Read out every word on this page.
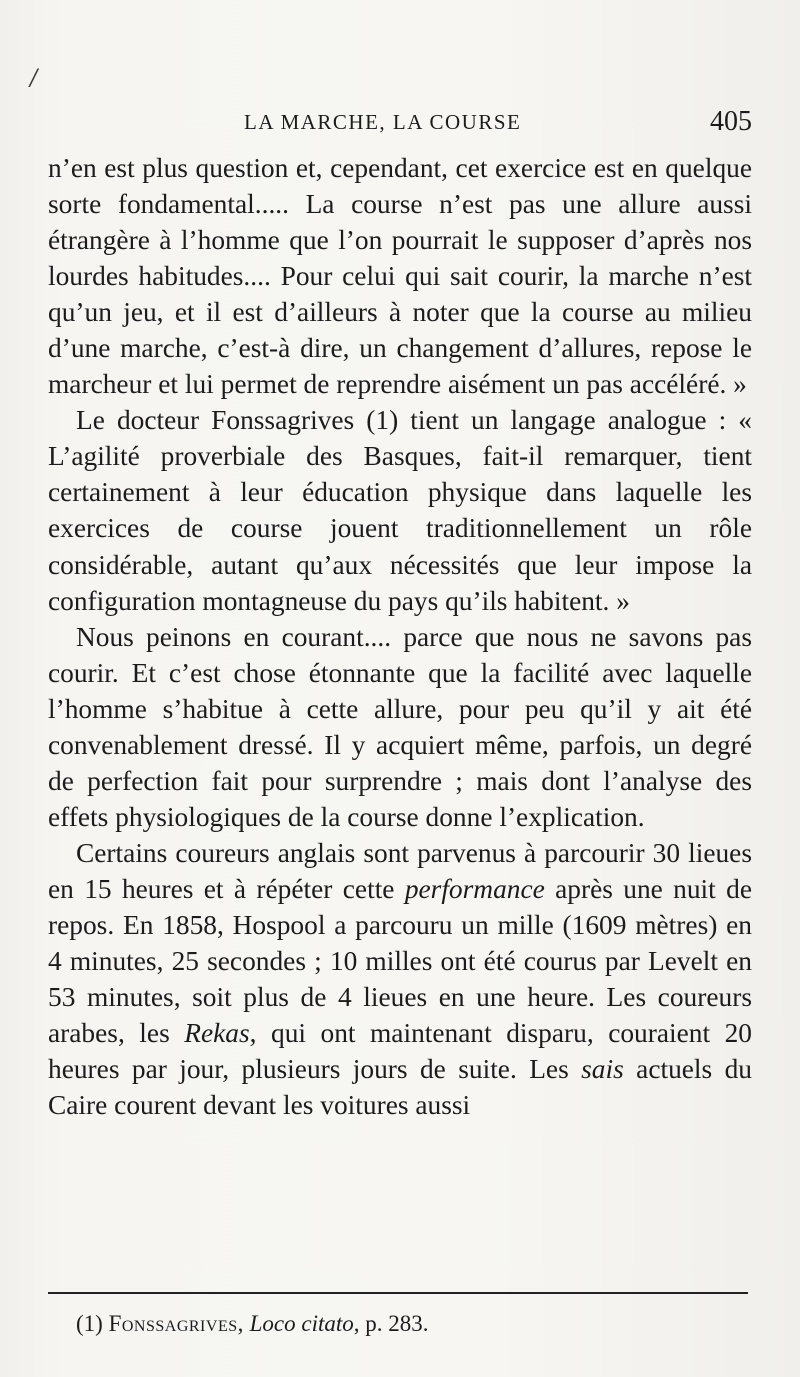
/
LA MARCHE, LA COURSE	405

n’en est plus question et, cependant, cet exercice est en quelque sorte fondamental..... La course n’est pas une allure aussi étrangère à l’homme que l’on pourrait le supposer d’après nos lourdes habitudes.... Pour celui qui sait courir, la marche n’est qu’un jeu, et il est d’ailleurs à noter que la course au milieu d’une marche, c’est-à dire, un changement d’allures, repose le marcheur et lui permet de reprendre aisément un pas accéléré. »

Le docteur Fonssagrives (1) tient un langage analogue : « L’agilité proverbiale des Basques, fait-il remarquer, tient certainement à leur éducation physique dans laquelle les exercices de course jouent traditionnellement un rôle considérable, autant qu’aux nécessités que leur impose la configuration montagneuse du pays qu’ils habitent. »

Nous peinons en courant.... parce que nous ne savons pas courir. Et c’est chose étonnante que la facilité avec laquelle l’homme s’habitue à cette allure, pour peu qu’il y ait été convenablement dressé. Il y acquiert même, parfois, un degré de perfection fait pour surprendre ; mais dont l’analyse des effets physiologiques de la course donne l’explication.

Certains coureurs anglais sont parvenus à parcourir 30 lieues en 15 heures et à répéter cette performance après une nuit de repos. En 1858, Hospool a parcouru un mille (1609 mètres) en 4 minutes, 25 secondes ; 10 milles ont été courus par Levelt en 53 minutes, soit plus de 4 lieues en une heure. Les coureurs arabes, les Rekas, qui ont maintenant disparu, couraient 20 heures par jour, plusieurs jours de suite. Les sais actuels du Caire courent devant les voitures aussi

(1) Fonssagrives, Loco citato, p. 283.
